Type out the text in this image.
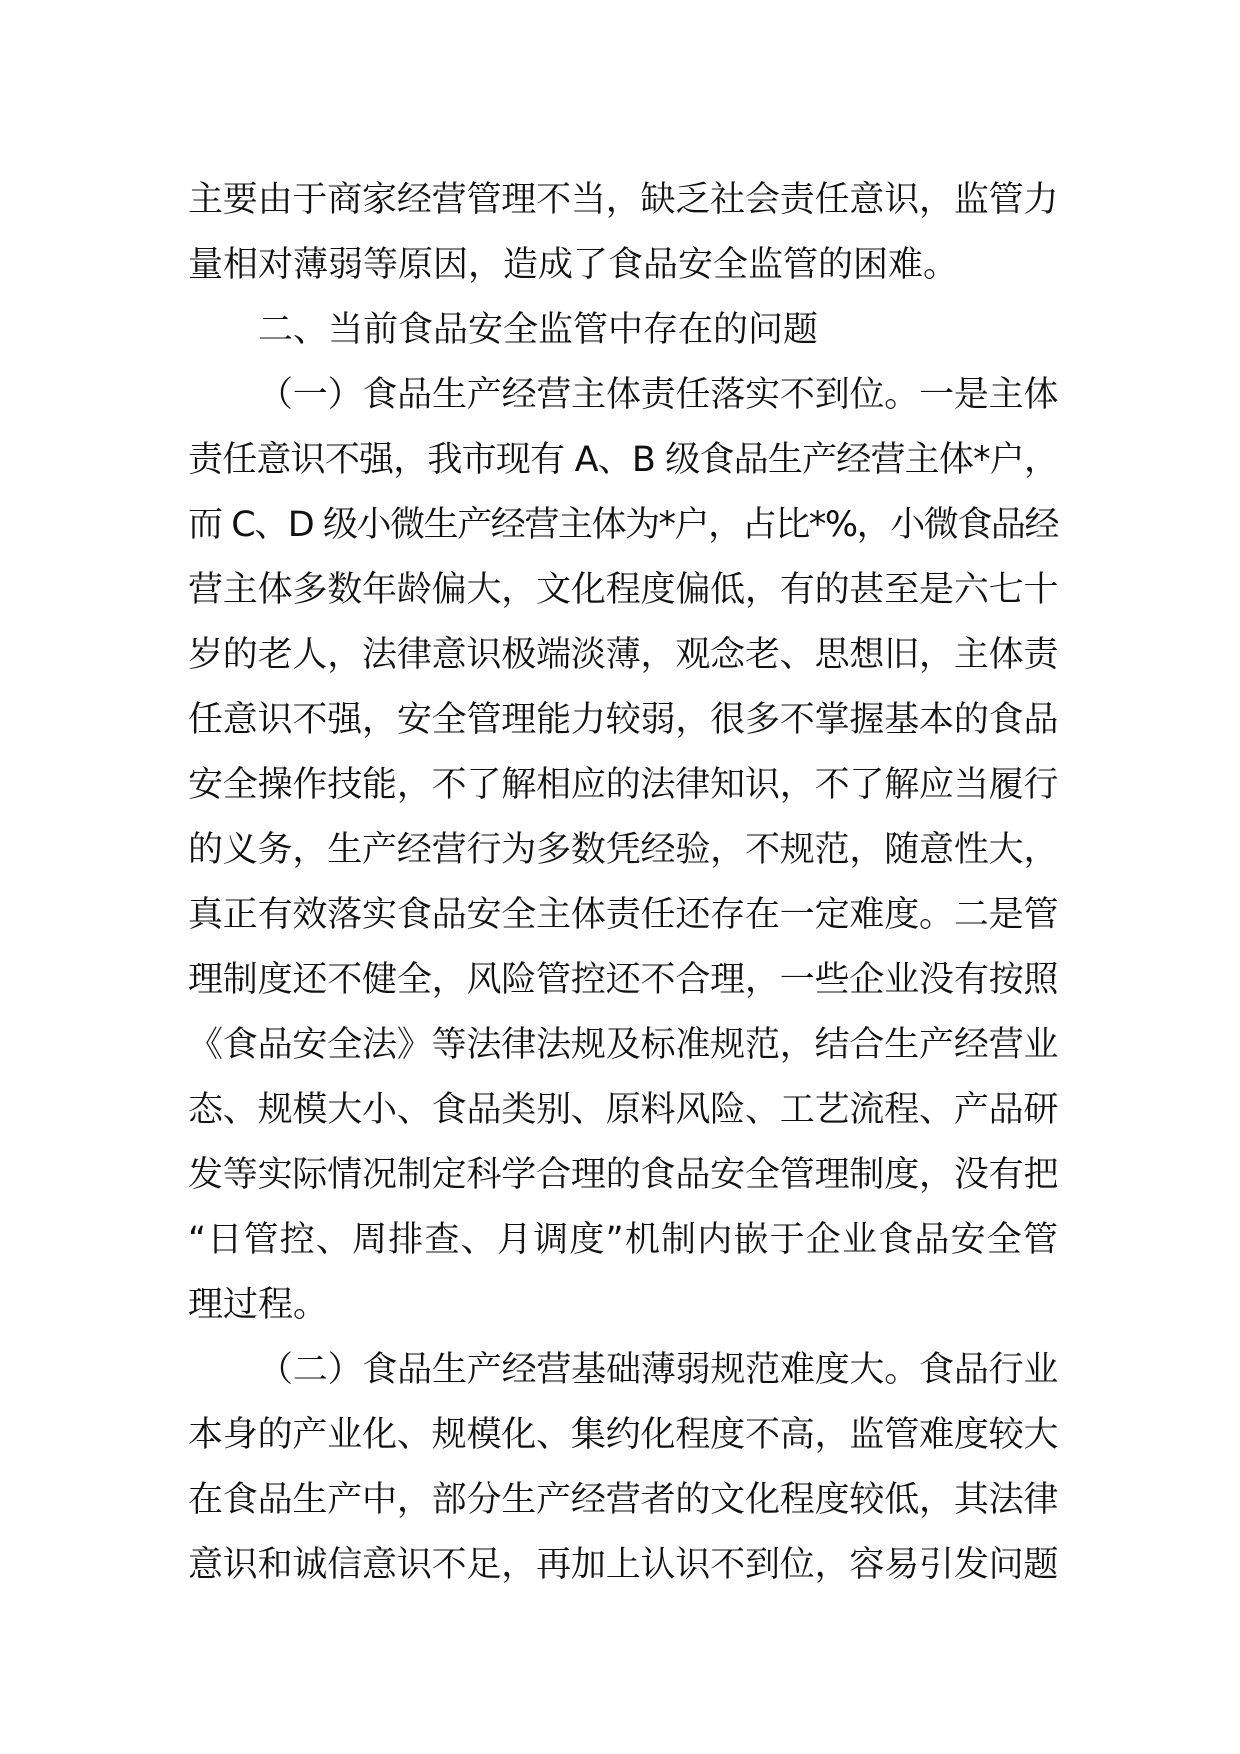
主要由于商家经营管理不当，缺乏社会责任意识，监管力
量相对薄弱等原因，造成了食品安全监管的困难。
二、当前食品安全监管中存在的问题
（一）食品生产经营主体责任落实不到位。一是主体
责任意识不强，我市现有 A、B 级食品生产经营主体*户，
而 C、D 级小微生产经营主体为*户，占比*%，小微食品经
营主体多数年龄偏大，文化程度偏低，有的甚至是六七十
岁的老人，法律意识极端淡薄，观念老、思想旧，主体责
任意识不强，安全管理能力较弱，很多不掌握基本的食品
安全操作技能，不了解相应的法律知识，不了解应当履行
的义务，生产经营行为多数凭经验，不规范，随意性大，
真正有效落实食品安全主体责任还存在一定难度。二是管
理制度还不健全，风险管控还不合理，一些企业没有按照
《食品安全法》等法律法规及标准规范，结合生产经营业
态、规模大小、食品类别、原料风险、工艺流程、产品研
发等实际情况制定科学合理的食品安全管理制度，没有把
“日管控、周排查、月调度”机制内嵌于企业食品安全管
理过程。
（二）食品生产经营基础薄弱规范难度大。食品行业
本身的产业化、规模化、集约化程度不高，监管难度较大
在食品生产中，部分生产经营者的文化程度较低，其法律
意识和诚信意识不足，再加上认识不到位，容易引发问题
